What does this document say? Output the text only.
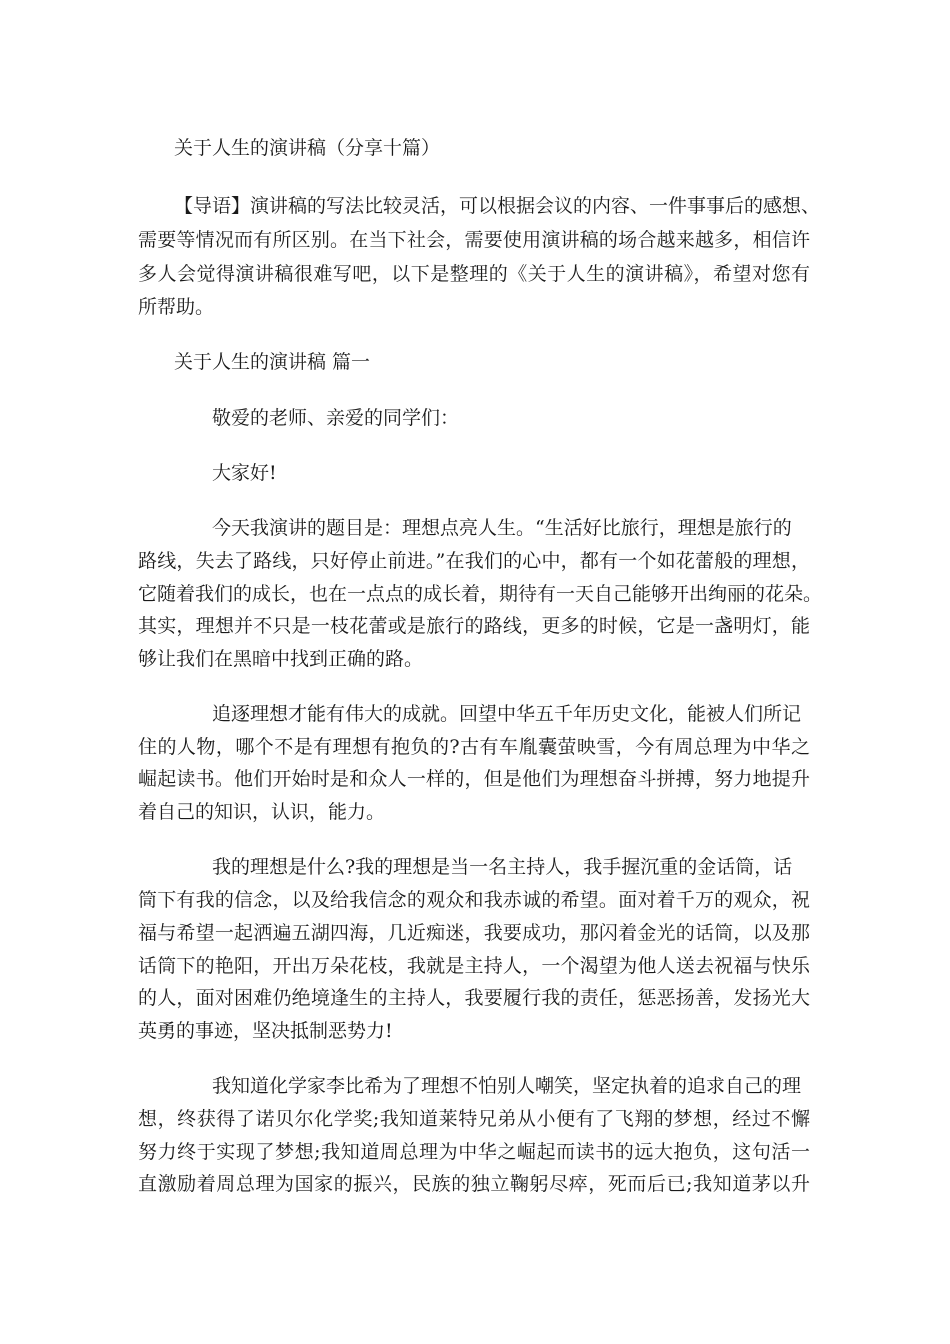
关于人生的演讲稿（分享十篇）
【导语】演讲稿的写法比较灵活，可以根据会议的内容、一件事事后的感想、
需要等情况而有所区别。在当下社会，需要使用演讲稿的场合越来越多，相信许
多人会觉得演讲稿很难写吧，以下是整理的《关于人生的演讲稿》，希望对您有
所帮助。
关于人生的演讲稿 篇一
敬爱的老师、亲爱的同学们：
大家好!
今天我演讲的题目是：理想点亮人生。“生活好比旅行，理想是旅行的
路线，失去了路线，只好停止前进。”在我们的心中，都有一个如花蕾般的理想，
它随着我们的成长，也在一点点的成长着，期待有一天自己能够开出绚丽的花朵。
其实，理想并不只是一枝花蕾或是旅行的路线，更多的时候，它是一盏明灯，能
够让我们在黑暗中找到正确的路。
追逐理想才能有伟大的成就。回望中华五千年历史文化，能被人们所记
住的人物，哪个不是有理想有抱负的?古有车胤囊萤映雪，今有周总理为中华之
崛起读书。他们开始时是和众人一样的，但是他们为理想奋斗拼搏，努力地提升
着自己的知识，认识，能力。
我的理想是什么?我的理想是当一名主持人，我手握沉重的金话筒，话
筒下有我的信念，以及给我信念的观众和我赤诚的希望。面对着千万的观众，祝
福与希望一起洒遍五湖四海，几近痴迷，我要成功，那闪着金光的话筒，以及那
话筒下的艳阳，开出万朵花枝，我就是主持人，一个渴望为他人送去祝福与快乐
的人，面对困难仍绝境逢生的主持人，我要履行我的责任，惩恶扬善，发扬光大
英勇的事迹，坚决抵制恶势力!
我知道化学家李比希为了理想不怕别人嘲笑，坚定执着的追求自己的理
想，终获得了诺贝尔化学奖;我知道莱特兄弟从小便有了飞翔的梦想，经过不懈
努力终于实现了梦想;我知道周总理为中华之崛起而读书的远大抱负，这句活一
直激励着周总理为国家的振兴，民族的独立鞠躬尽瘁，死而后已;我知道茅以升
